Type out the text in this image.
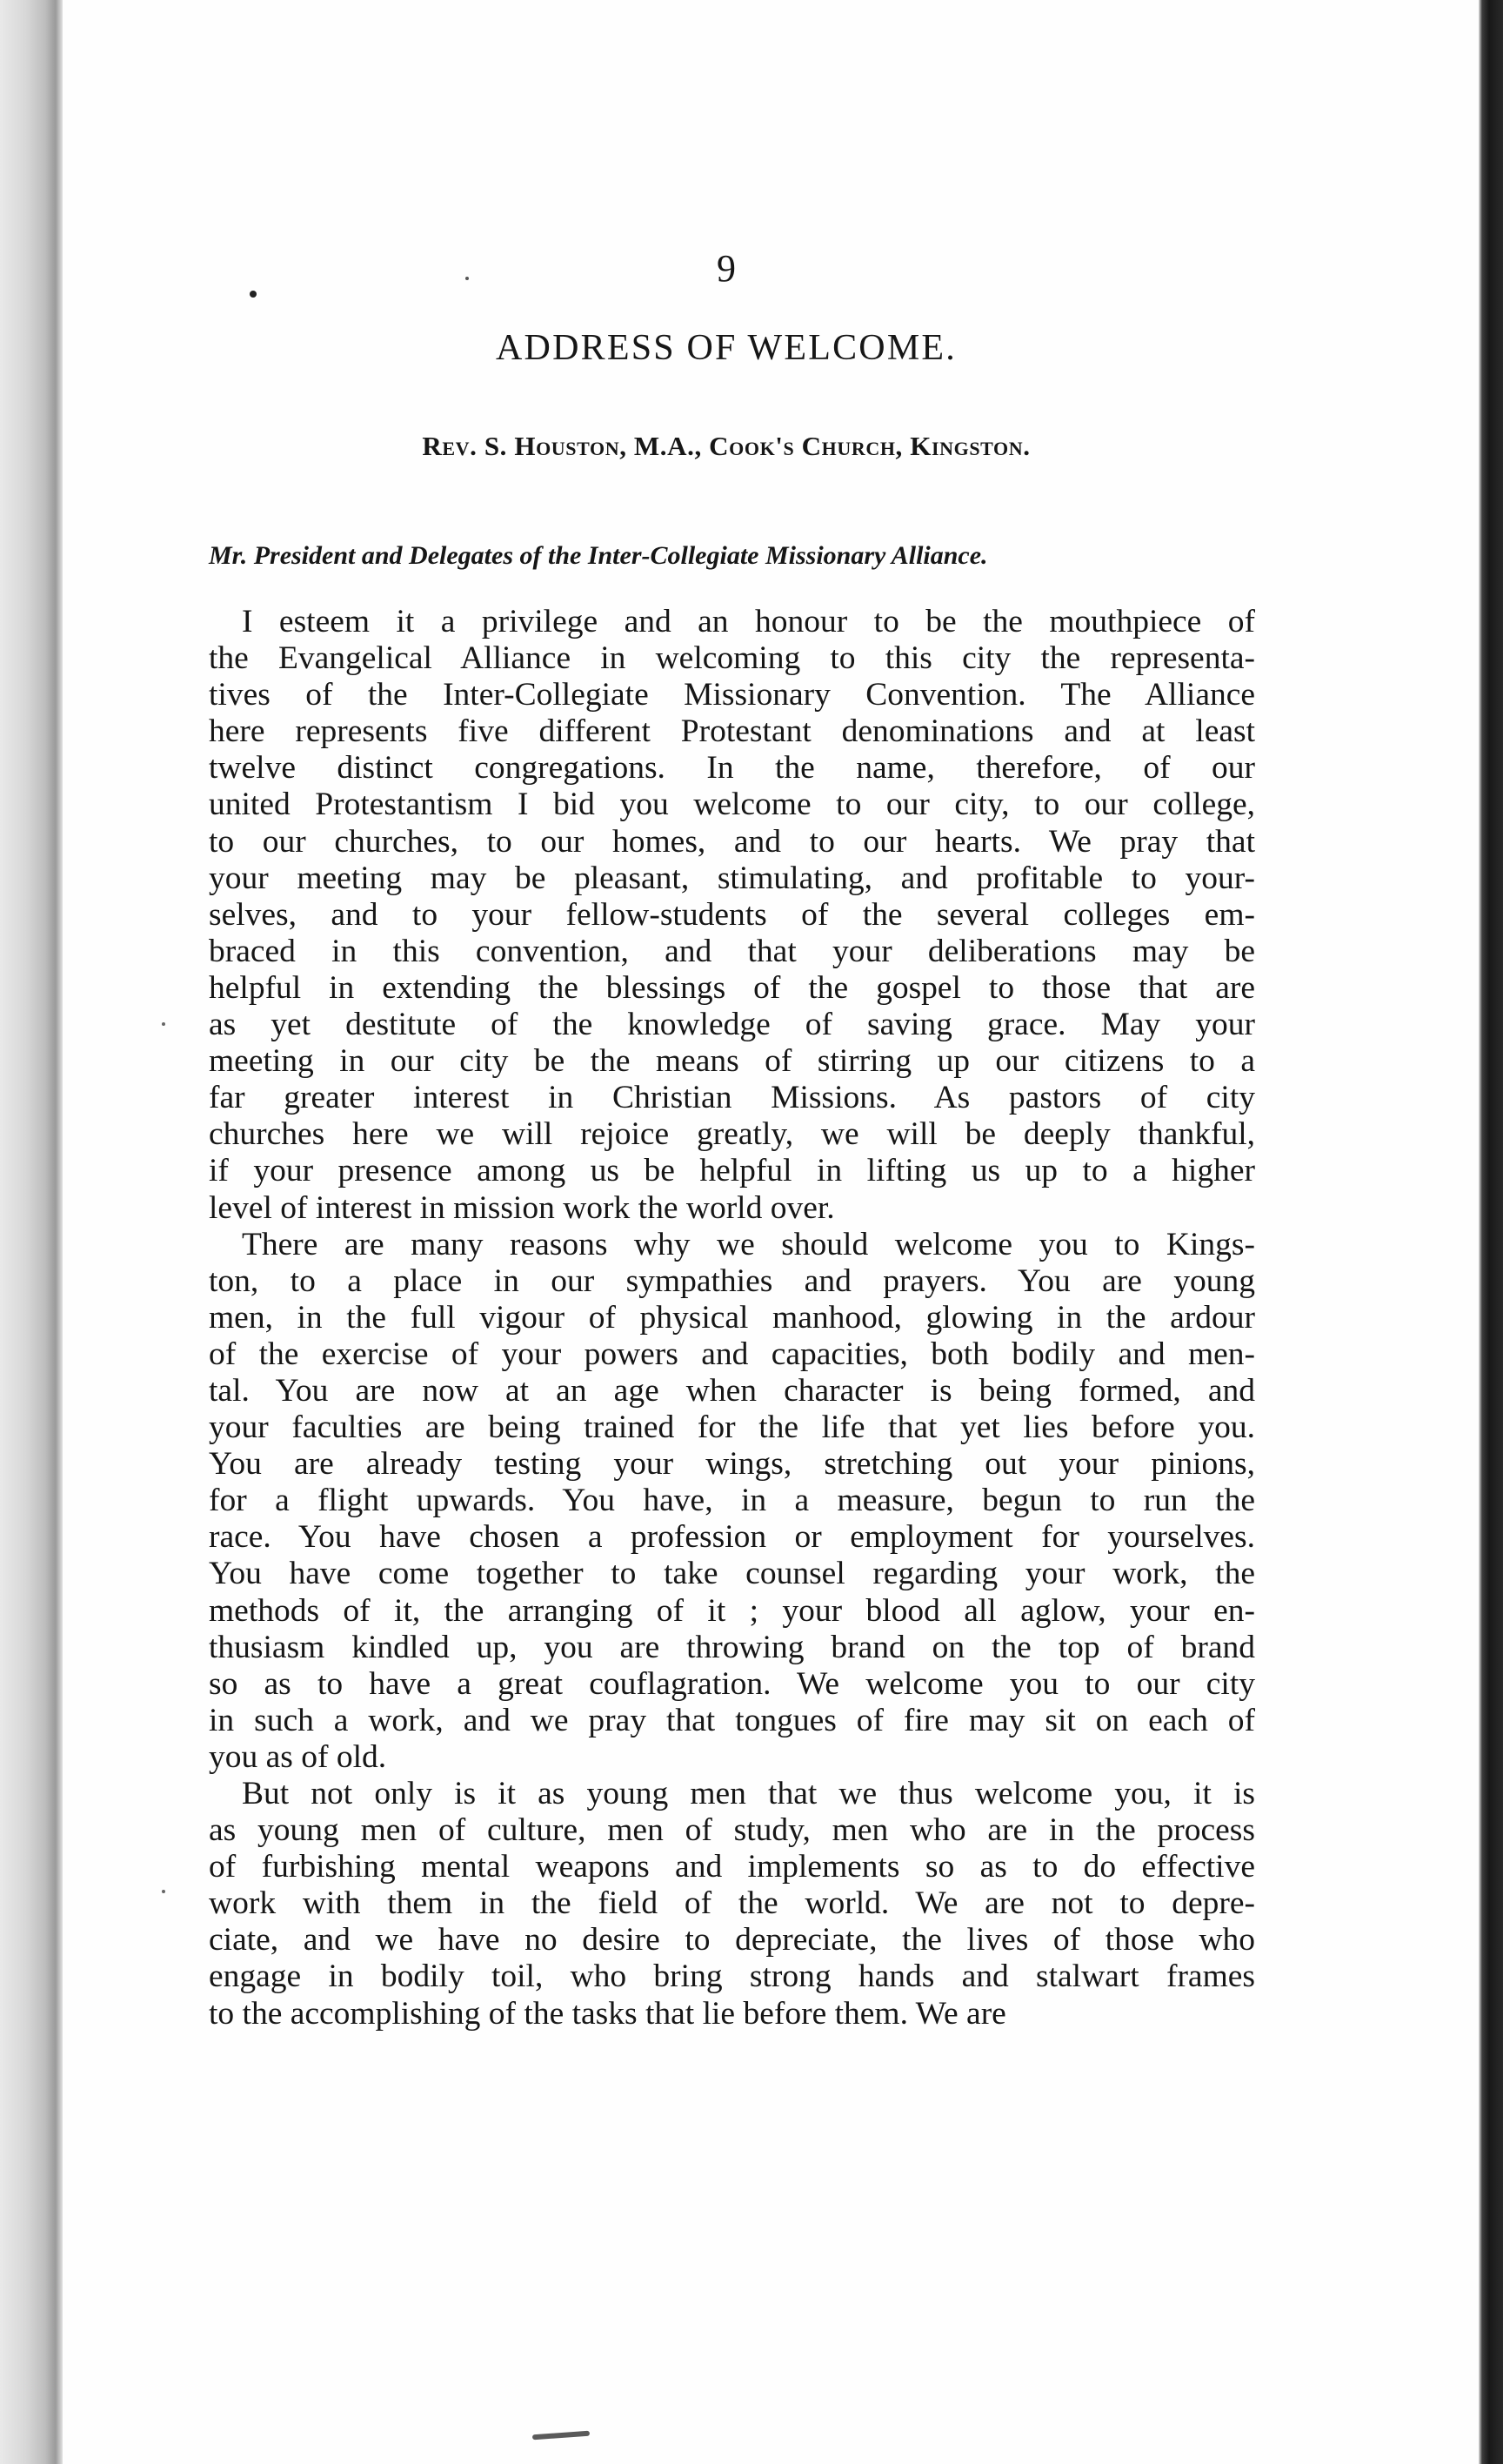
9
ADDRESS OF WELCOME.
Rev. S. Houston, M.A., Cook's Church, Kingston.
Mr. President and Delegates of the Inter-Collegiate Missionary Alliance.

I esteem it a privilege and an honour to be the mouthpiece of
the Evangelical Alliance in welcoming to this city the representa-
tives of the Inter-Collegiate Missionary Convention. The Alliance
here represents five different Protestant denominations and at least
twelve distinct congregations. In the name, therefore, of our
united Protestantism I bid you welcome to our city, to our college,
to our churches, to our homes, and to our hearts. We pray that
your meeting may be pleasant, stimulating, and profitable to your-
selves, and to your fellow-students of the several colleges em-
braced in this convention, and that your deliberations may be
helpful in extending the blessings of the gospel to those that are
as yet destitute of the knowledge of saving grace. May your
meeting in our city be the means of stirring up our citizens to a
far greater interest in Christian Missions. As pastors of city
churches here we will rejoice greatly, we will be deeply thankful,
if your presence among us be helpful in lifting us up to a higher
level of interest in mission work the world over.

There are many reasons why we should welcome you to Kings-
ton, to a place in our sympathies and prayers. You are young
men, in the full vigour of physical manhood, glowing in the ardour
of the exercise of your powers and capacities, both bodily and men-
tal. You are now at an age when character is being formed, and
your faculties are being trained for the life that yet lies before you.
You are already testing your wings, stretching out your pinions,
for a flight upwards. You have, in a measure, begun to run the
race. You have chosen a profession or employment for yourselves.
You have come together to take counsel regarding your work, the
methods of it, the arranging of it ; your blood all aglow, your en-
thusiasm kindled up, you are throwing brand on the top of brand
so as to have a great couflagration. We welcome you to our city
in such a work, and we pray that tongues of fire may sit on each of
you as of old.

But not only is it as young men that we thus welcome you, it is
as young men of culture, men of study, men who are in the process
of furbishing mental weapons and implements so as to do effective
work with them in the field of the world. We are not to depre-
ciate, and we have no desire to depreciate, the lives of those who
engage in bodily toil, who bring strong hands and stalwart frames
to the accomplishing of the tasks that lie before them. We are
